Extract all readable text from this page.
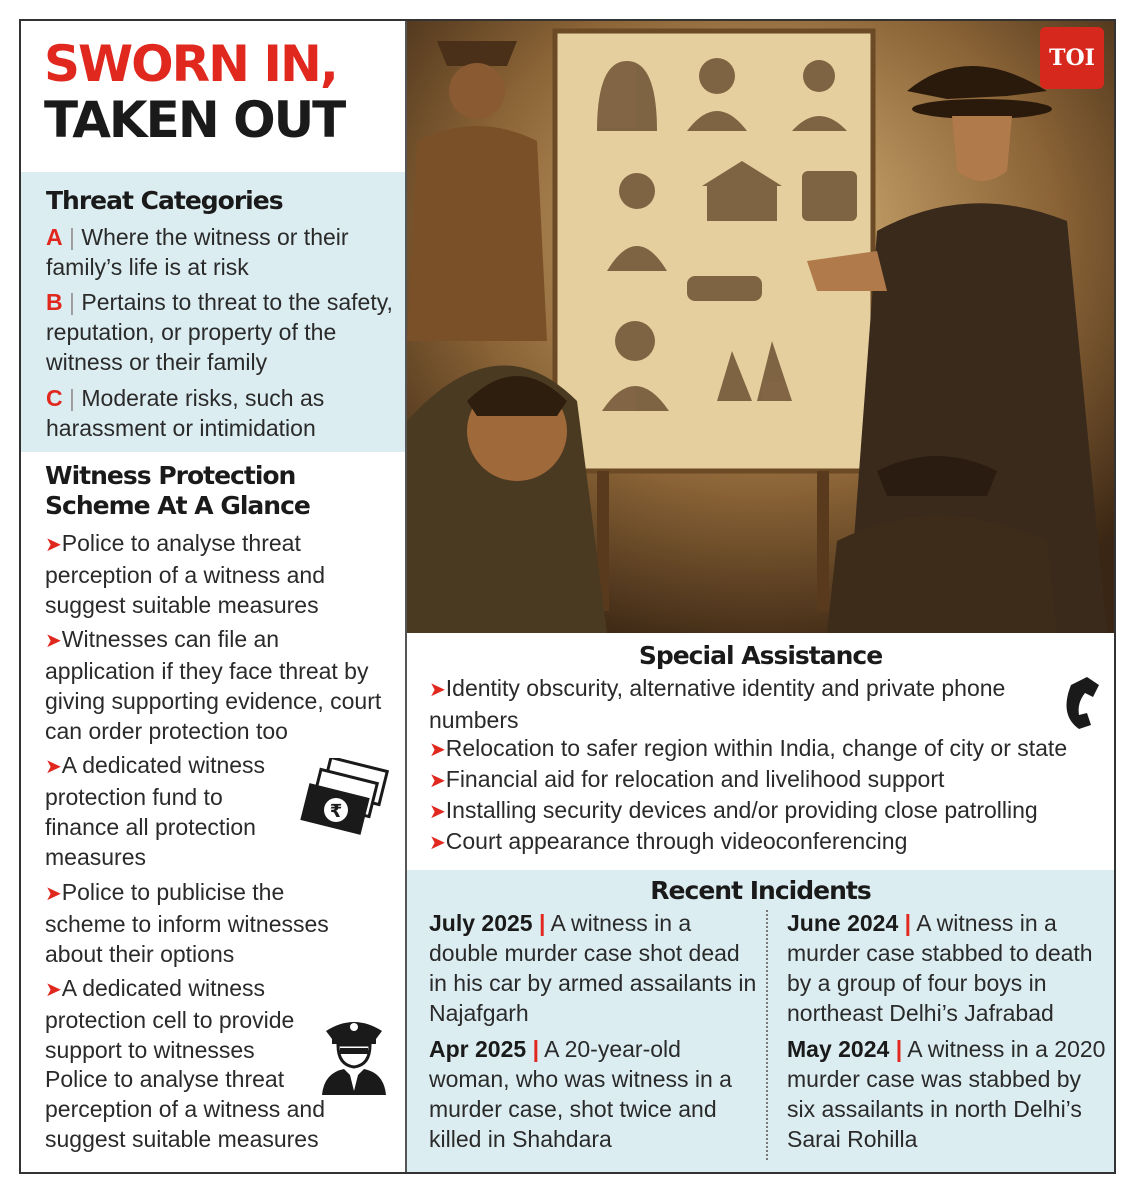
SWORN IN,
TAKEN OUT
Threat Categories
A | Where the witness or their family’s life is at risk
B | Pertains to threat to the safety, reputation, or property of the witness or their family
C | Moderate risks, such as harassment or intimidation
Witness Protection
Scheme At A Glance
➤Police to analyse threat perception of a witness and suggest suitable measures
➤Witnesses can file an application if they face threat by giving supporting evidence, court can order protection too
➤A dedicated witness protection fund to finance all protection measures
➤Police to publicise the scheme to inform witnesses about their options
➤A dedicated witness protection cell to provide support to witnesses
Police to analyse threat perception of a witness and suggest suitable measures
₹
TOI
Special Assistance
➤Identity obscurity, alternative identity and private phone numbers
➤Relocation to safer region within India, change of city or state
➤Financial aid for relocation and livelihood support
➤Installing security devices and/or providing close patrolling
➤Court appearance through videoconferencing
Recent Incidents
July 2025 | A witness in a double murder case shot dead in his car by armed assailants in Najafgarh
Apr 2025 | A 20-year-old woman, who was witness in a murder case, shot twice and killed in Shahdara
June 2024 | A witness in a murder case stabbed to death by a group of four boys in northeast Delhi’s Jafrabad
May 2024 | A witness in a 2020 murder case was stabbed by six assailants in north Delhi’s Sarai Rohilla
